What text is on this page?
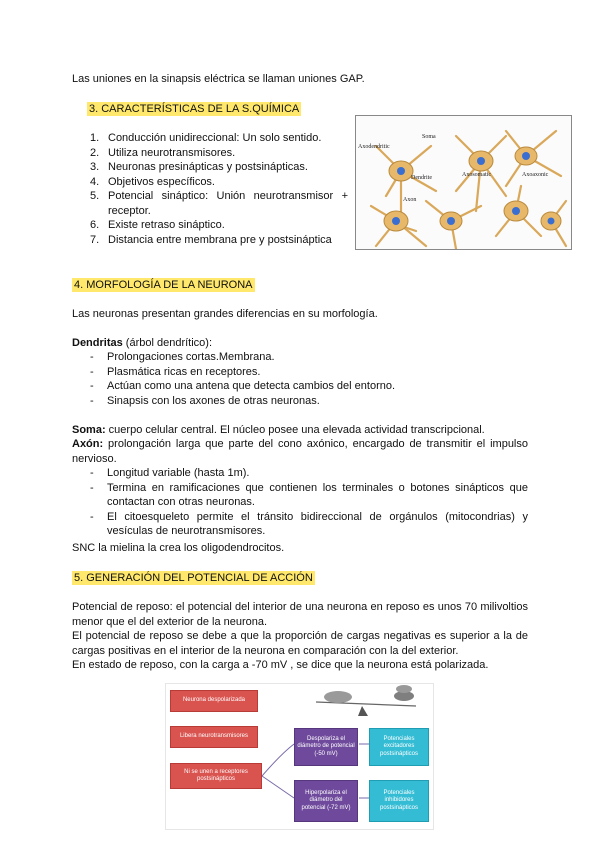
Las uniones en la sinapsis eléctrica se llaman uniones GAP.
3. CARACTERÍSTICAS DE LA S.QUÍMICA
1. Conducción unidireccional: Un solo sentido.
2. Utiliza neurotransmisores.
3. Neuronas presinápticas y postsinápticas.
4. Objetivos específicos.
5. Potencial sináptico: Unión neurotransmisor + receptor.
6. Existe retraso sináptico.
7. Distancia entre membrana pre y postsináptica
Soma
Axodendritic
Dendrite
Axon
Axosomatic	Axoaxonic
4. MORFOLOGÍA DE LA NEURONA
Las neuronas presentan grandes diferencias en su morfología.
Dendritas (árbol dendrítico):
-	Prolongaciones cortas.Membrana.
-	Plasmática ricas en receptores.
-	Actúan como una antena que detecta cambios del entorno.
-	Sinapsis con los axones de otras neuronas.
Soma: cuerpo celular central. El núcleo posee una elevada actividad transcripcional.
Axón: prolongación larga que parte del cono axónico, encargado de transmitir el impulso nervioso.
-	Longitud variable (hasta 1m).
-	Termina en ramificaciones que contienen los terminales o botones sinápticos que contactan con otras neuronas.
-	El citoesqueleto permite el tránsito bidireccional de orgánulos (mitocondrias) y vesículas de neurotransmisores.
SNC la mielina la crea los oligodendrocitos.
5. GENERACIÓN DEL POTENCIAL DE ACCIÓN
Potencial de reposo: el potencial del interior de una neurona en reposo es unos 70 milivoltios menor que el del exterior de la neurona.
El potencial de reposo se debe a que la proporción de cargas negativas es superior a la de cargas positivas en el interior de la neurona en comparación con la del exterior.
En estado de reposo, con la carga a -70 mV , se dice que la neurona está polarizada.
Neurona despolarizada
Libera neurotransmisores
Ni se unen a receptores postsinápticos
Despolariza el diámetro de potencial (-50 mV)
Hiperpolariza el diámetro del potencial (-72 mV)
Potenciales excitadores postsinápticos
Potenciales inhibidores postsinápticos
